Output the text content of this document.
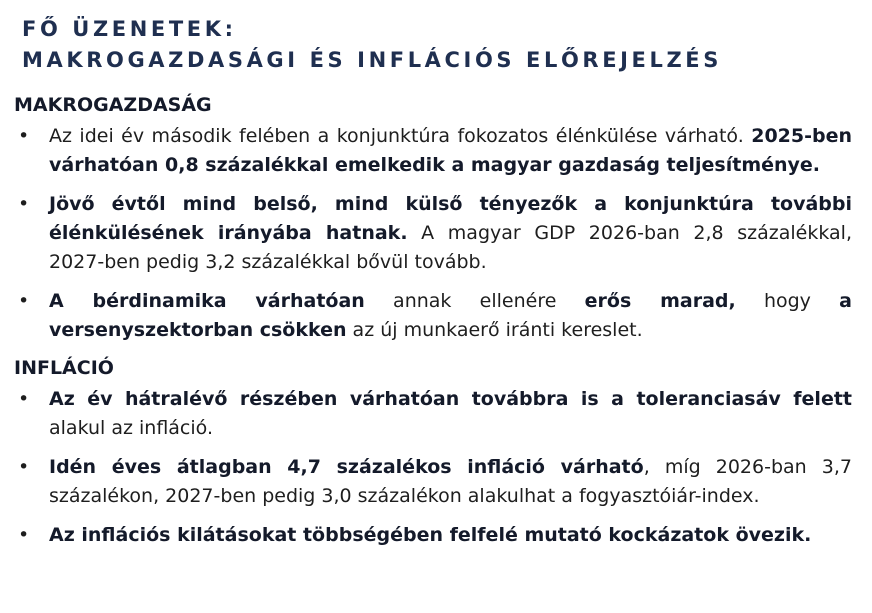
FŐ ÜZENETEK:
MAKROGAZDASÁGI ÉS INFLÁCIÓS ELŐREJELZÉS
MAKROGAZDASÁG
• Az idei év második felében a konjunktúra fokozatos élénkülése várható. 2025-ben várhatóan 0,8 százalékkal emelkedik a magyar gazdaság teljesítménye.
• Jövő évtől mind belső, mind külső tényezők a konjunktúra további élénkülésének irányába hatnak. A magyar GDP 2026-ban 2,8 százalékkal, 2027-ben pedig 3,2 százalékkal bővül tovább.
• A bérdinamika várhatóan annak ellenére erős marad, hogy a versenyszektorban csökken az új munkaerő iránti kereslet.
INFLÁCIÓ
• Az év hátralévő részében várhatóan továbbra is a toleranciasáv felett alakul az infláció.
• Idén éves átlagban 4,7 százalékos infláció várható, míg 2026-ban 3,7 százalékon, 2027-ben pedig 3,0 százalékon alakulhat a fogyasztóiár-index.
• Az inflációs kilátásokat többségében felfelé mutató kockázatok övezik.
